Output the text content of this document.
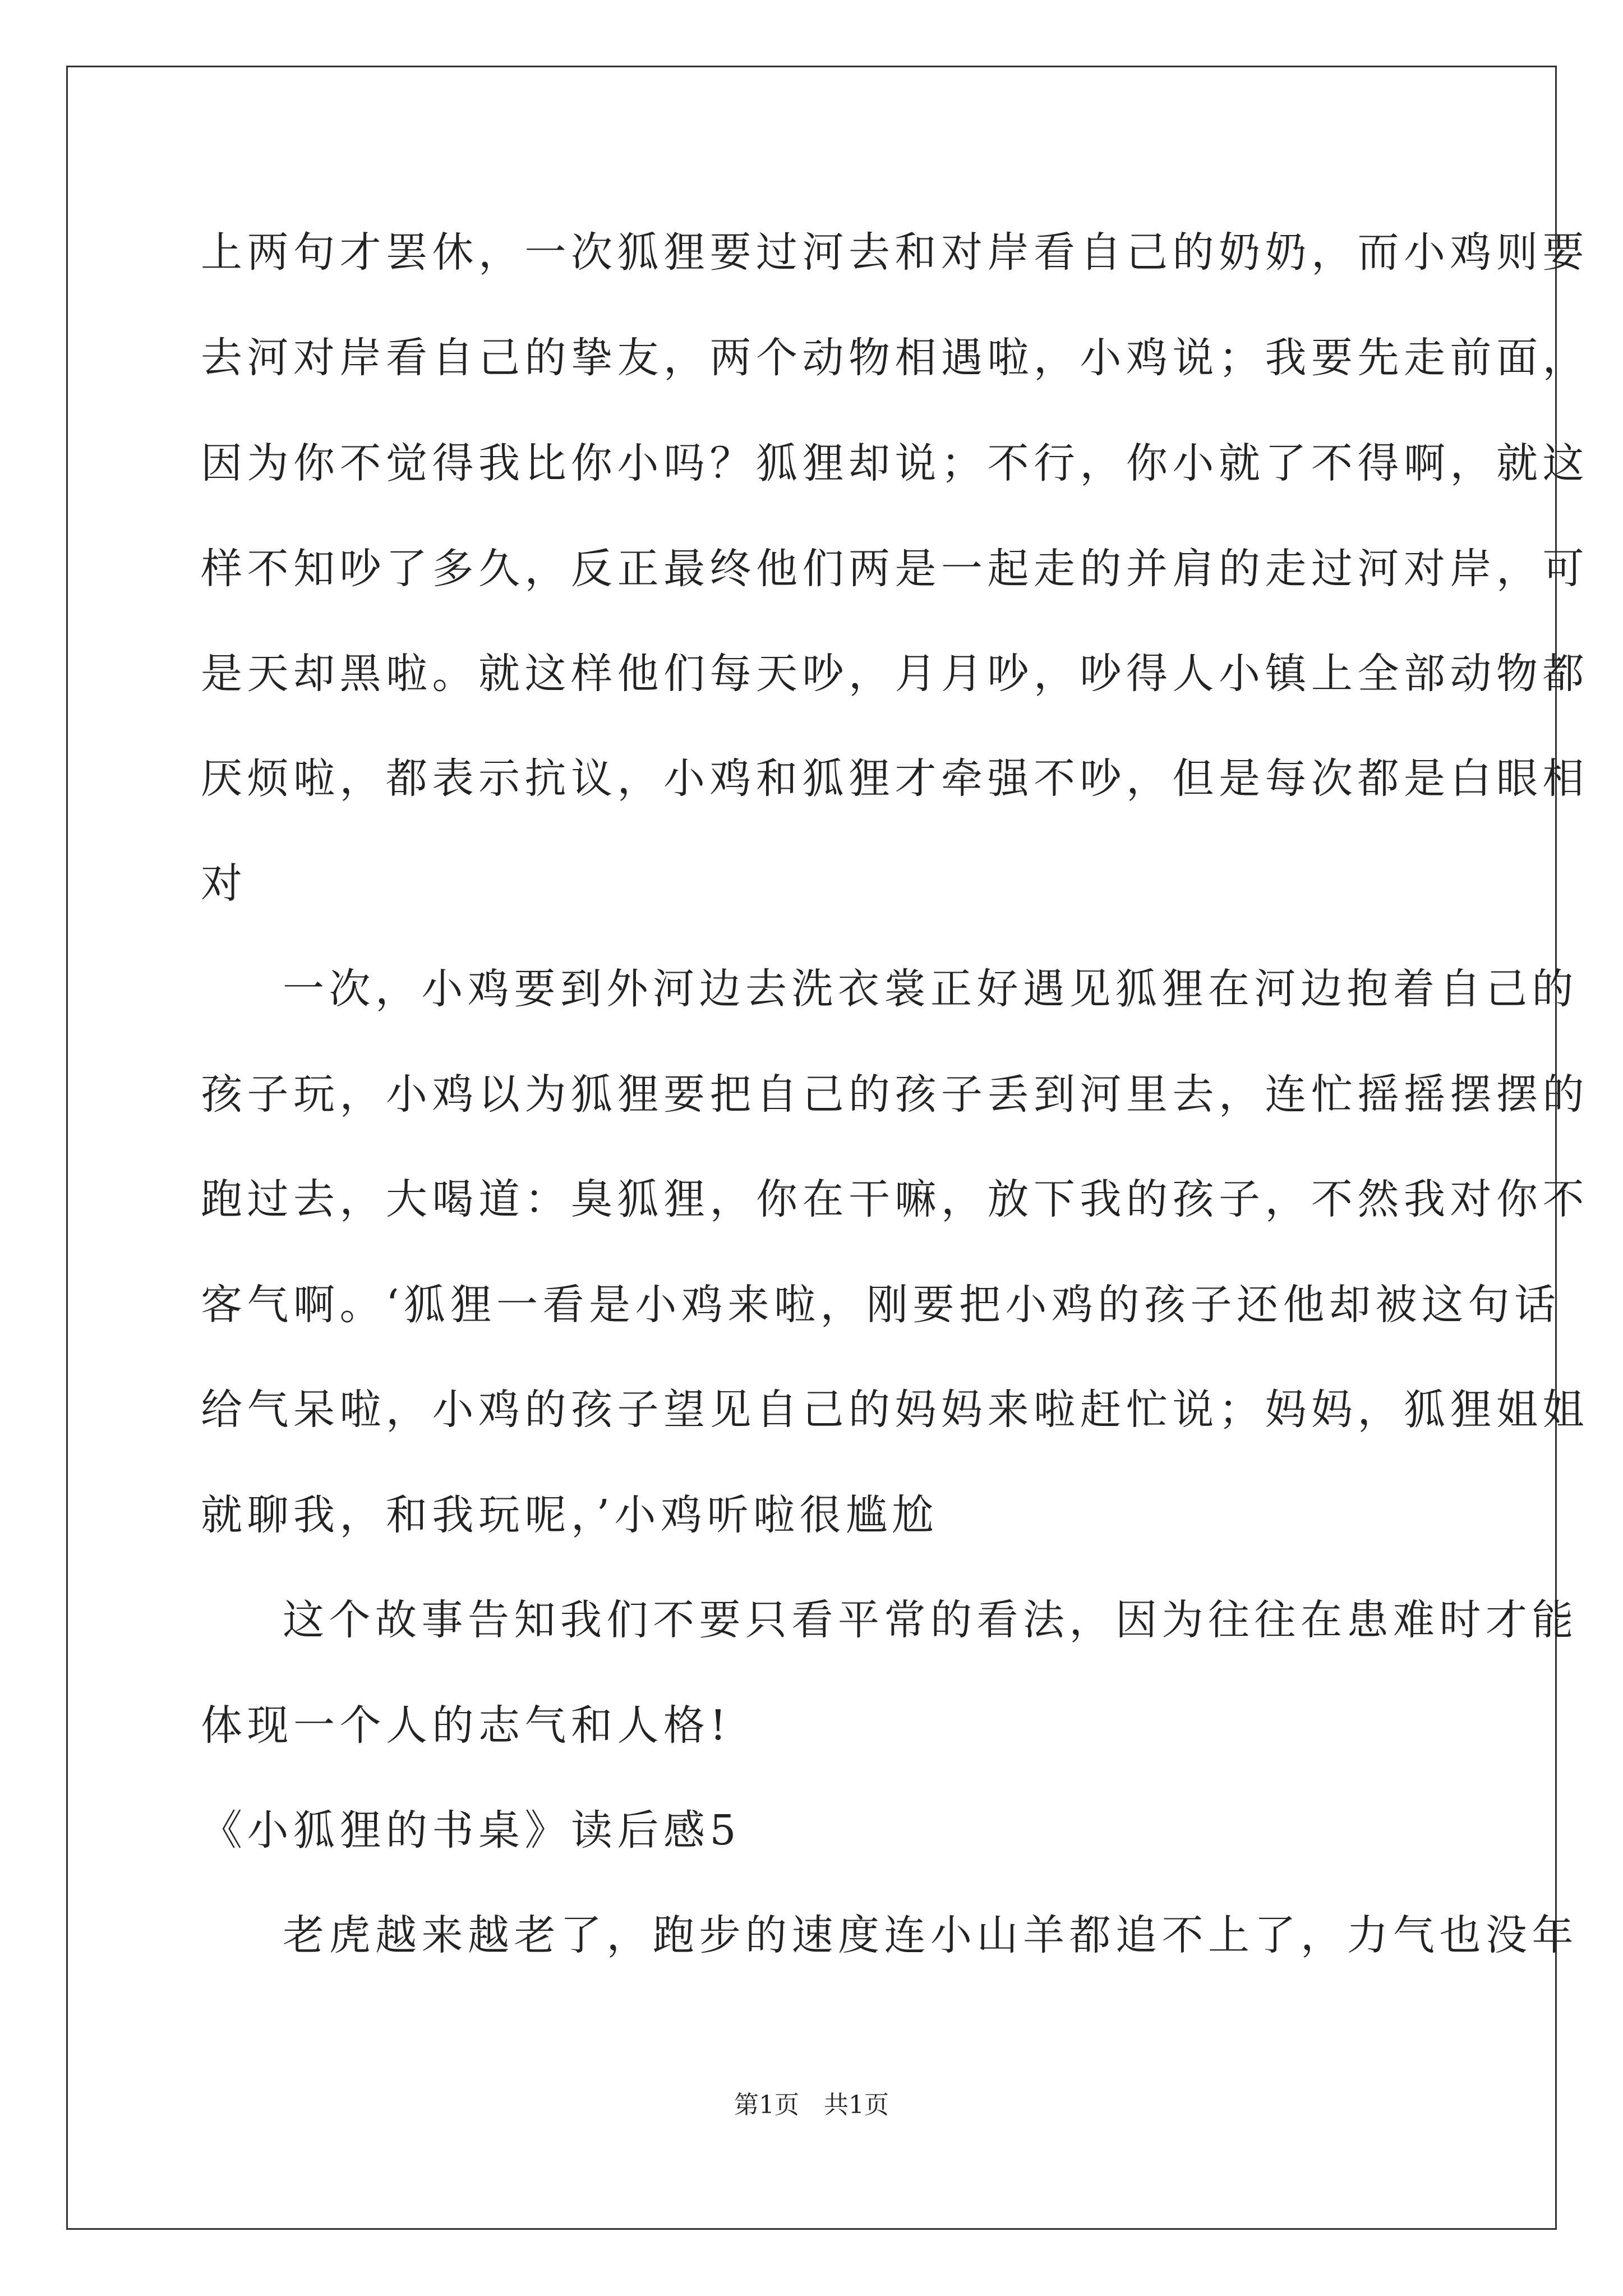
上两句才罢休，一次狐狸要过河去和对岸看自己的奶奶，而小鸡则要
去河对岸看自己的挚友，两个动物相遇啦，小鸡说；我要先走前面，
因为你不觉得我比你小吗？狐狸却说；不行，你小就了不得啊，就这
样不知吵了多久，反正最终他们两是一起走的并肩的走过河对岸，可
是天却黑啦。就这样他们每天吵，月月吵，吵得人小镇上全部动物都
厌烦啦，都表示抗议，小鸡和狐狸才牵强不吵，但是每次都是白眼相
对
一次，小鸡要到外河边去洗衣裳正好遇见狐狸在河边抱着自己的
孩子玩，小鸡以为狐狸要把自己的孩子丢到河里去，连忙摇摇摆摆的
跑过去，大喝道：臭狐狸，你在干嘛，放下我的孩子，不然我对你不
客气啊。‘狐狸一看是小鸡来啦，刚要把小鸡的孩子还他却被这句话
给气呆啦，小鸡的孩子望见自己的妈妈来啦赶忙说；妈妈，狐狸姐姐
就聊我，和我玩呢，’小鸡听啦很尴尬
这个故事告知我们不要只看平常的看法，因为往往在患难时才能
体现一个人的志气和人格!
《小狐狸的书桌》读后感5
老虎越来越老了，跑步的速度连小山羊都追不上了，力气也没年
第1页　共1页
